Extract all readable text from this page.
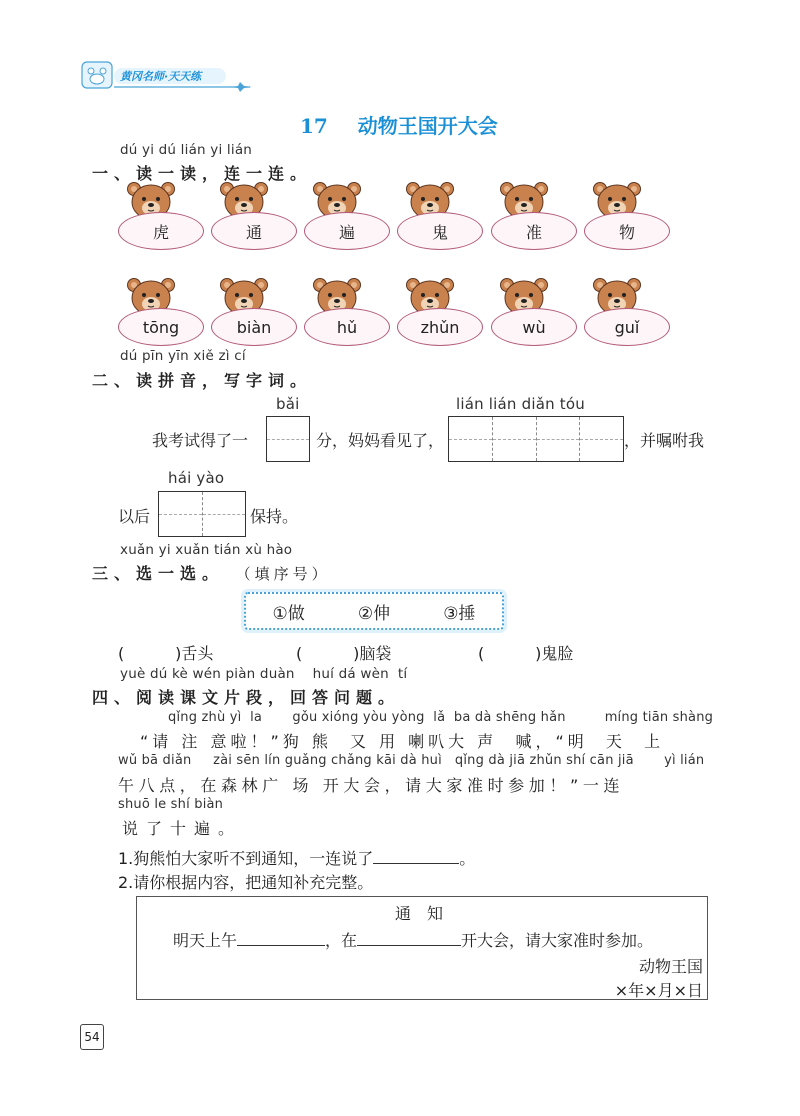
黄冈名师·天天练
17 动物王国开大会
dú yi dú lián yi lián
一、读一读，连一连。
虎	通	遍	鬼	准	物
tōng	biàn	hǔ	zhǔn	wù	guǐ
dú pīn yīn xiě zì cí
二、读拼音，写字词。
bǎi	lián lián diǎn tóu
我考试得了一	分，妈妈看见了，	，并嘱咐我
hái yào
以后	保持。
xuǎn yi xuǎn tián xù hào
三、选一选。 （填序号）
①做	②伸	③捶
(          )舌头	(          )脑袋	(          )鬼脸
yuè dú kè wén piàn duàn    huí dá wèn  tí
四、阅读课文片段，回答问题。
qǐng zhù yì  la       gǒu xióng yòu yòng  lǎ  ba dà shēng hǎn         míng tiān shàng
“请 注 意啦！”狗 熊  又 用 喇叭大 声  喊，“明  天  上
wǔ bā diǎn     zài sēn lín guǎng chǎng kāi dà huì   qǐng dà jiā zhǔn shí cān jiā       yì lián
午八点，在森林广 场 开大会，请大家准时参加！”一连
shuō le shí biàn
说了十遍。
1.狗熊怕大家听不到通知，一连说了	。
2.请你根据内容，把通知补充完整。
通　知
明天上午	，在	开大会，请大家准时参加。
动物王国
×年×月×日
54
